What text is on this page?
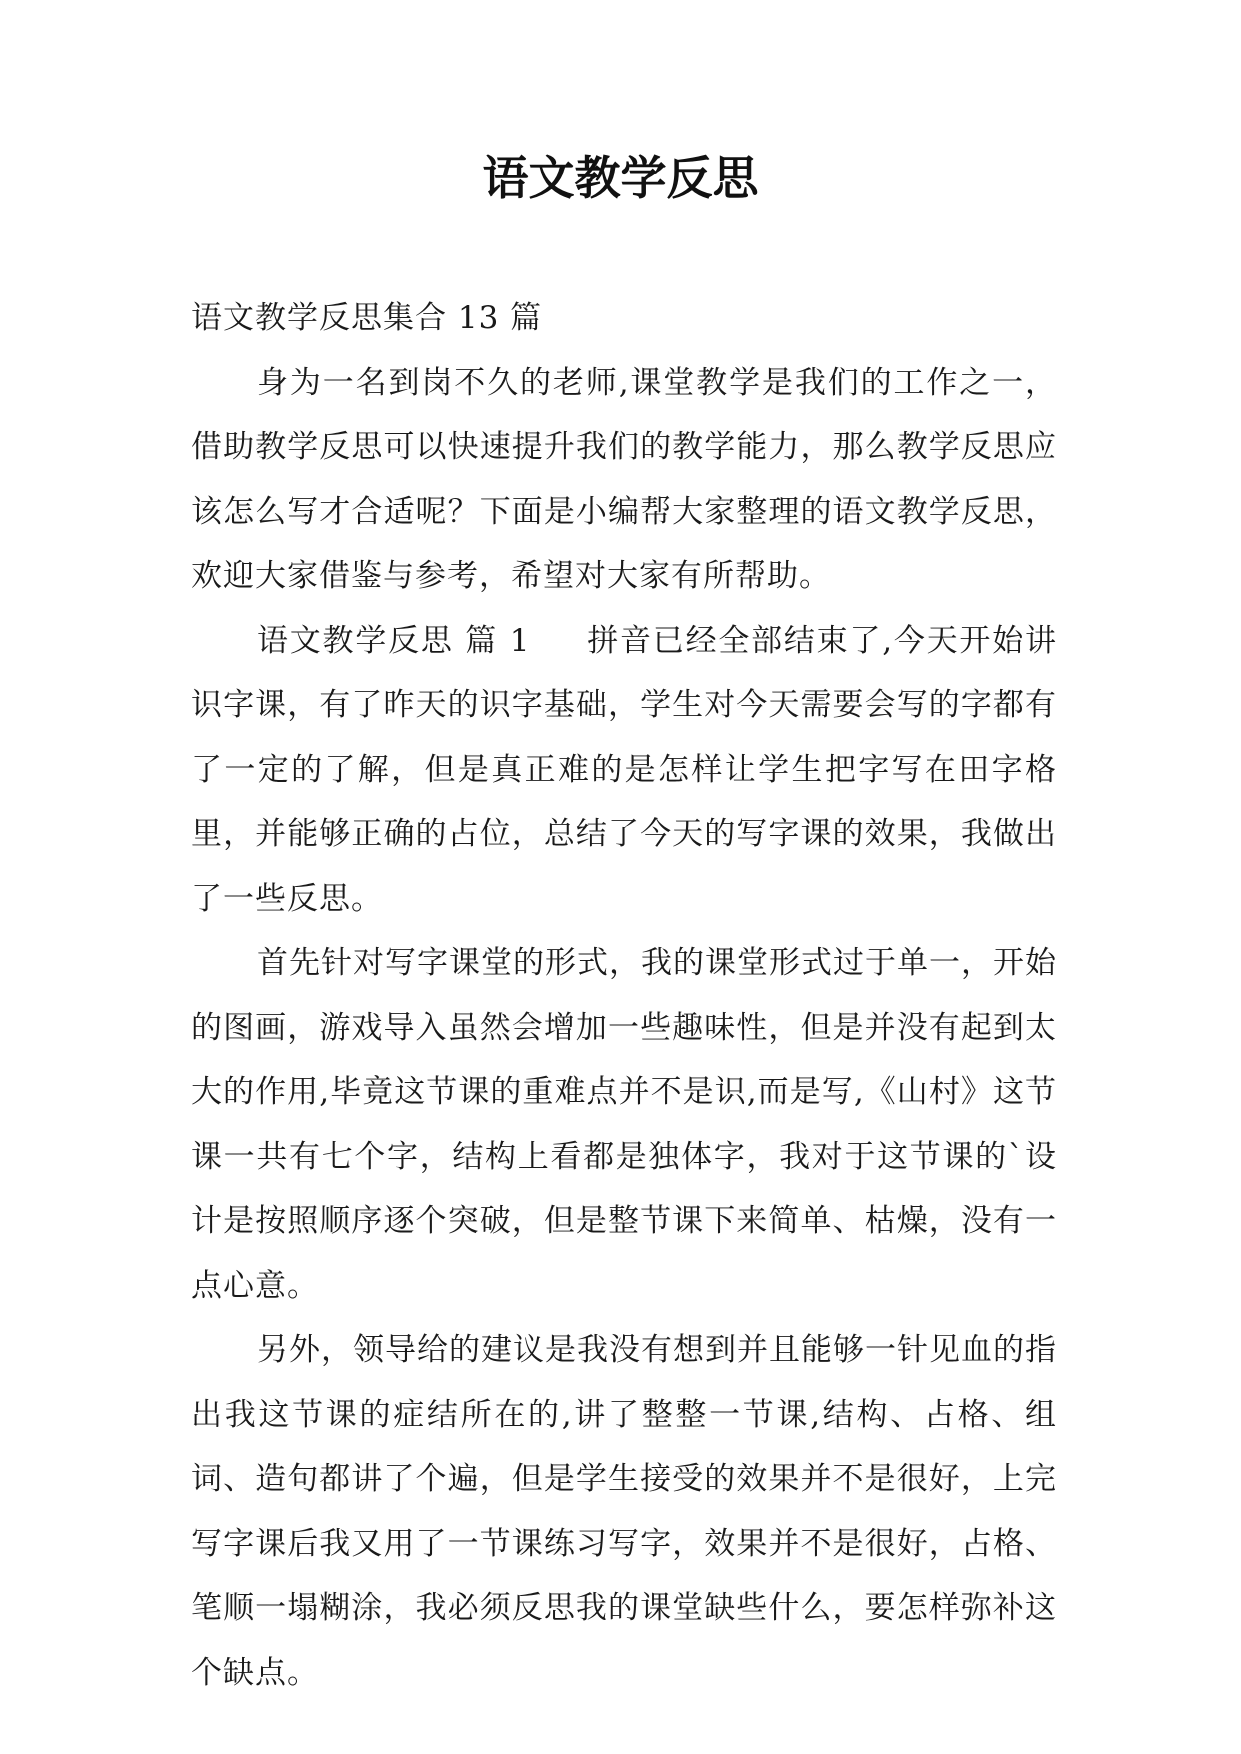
语文教学反思

语文教学反思集合 13 篇

身为一名到岗不久的老师,课堂教学是我们的工作之一，借助教学反思可以快速提升我们的教学能力，那么教学反思应该怎么写才合适呢？下面是小编帮大家整理的语文教学反思，欢迎大家借鉴与参考，希望对大家有所帮助。

语文教学反思 篇 1 拼音已经全部结束了,今天开始讲识字课，有了昨天的识字基础，学生对今天需要会写的字都有了一定的了解，但是真正难的是怎样让学生把字写在田字格里，并能够正确的占位，总结了今天的写字课的效果，我做出了一些反思。

首先针对写字课堂的形式，我的课堂形式过于单一，开始的图画，游戏导入虽然会增加一些趣味性，但是并没有起到太大的作用,毕竟这节课的重难点并不是识,而是写,《山村》这节课一共有七个字，结构上看都是独体字，我对于这节课的`设计是按照顺序逐个突破，但是整节课下来简单、枯燥，没有一点心意。

另外，领导给的建议是我没有想到并且能够一针见血的指出我这节课的症结所在的,讲了整整一节课,结构、占格、组词、造句都讲了个遍，但是学生接受的效果并不是很好，上完写字课后我又用了一节课练习写字，效果并不是很好，占格、笔顺一塌糊涂，我必须反思我的课堂缺些什么，要怎样弥补这个缺点。
